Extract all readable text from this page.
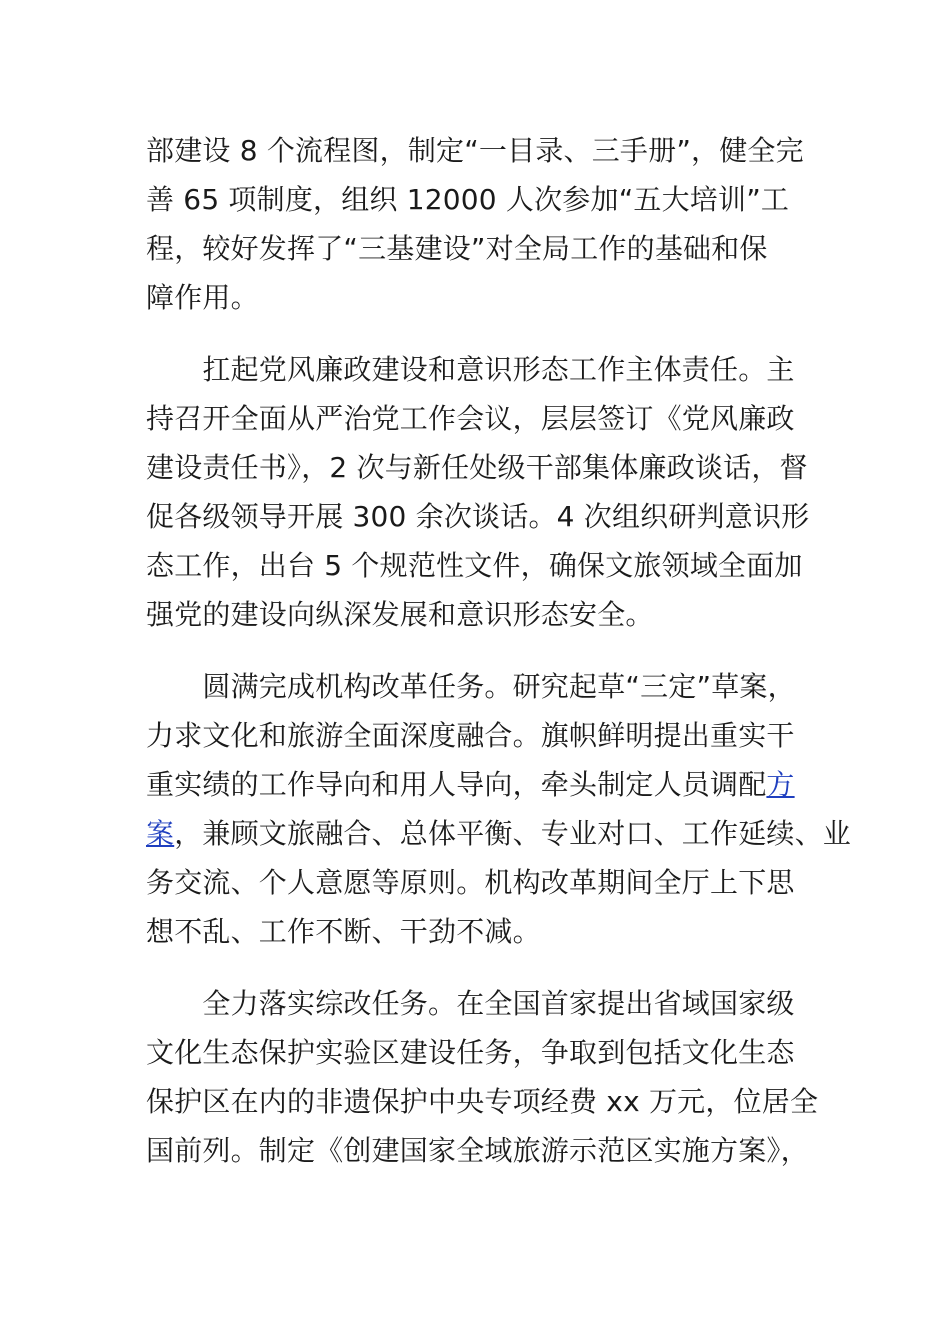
部建设 8 个流程图，制定“一目录、三手册”，健全完
善 65 项制度，组织 12000 人次参加“五大培训”工
程，较好发挥了“三基建设”对全局工作的基础和保
障作用。
　　扛起党风廉政建设和意识形态工作主体责任。主
持召开全面从严治党工作会议，层层签订《党风廉政
建设责任书》，2 次与新任处级干部集体廉政谈话，督
促各级领导开展 300 余次谈话。4 次组织研判意识形
态工作，出台 5 个规范性文件，确保文旅领域全面加
强党的建设向纵深发展和意识形态安全。
　　圆满完成机构改革任务。研究起草“三定”草案，
力求文化和旅游全面深度融合。旗帜鲜明提出重实干
重实绩的工作导向和用人导向，牵头制定人员调配方
案，兼顾文旅融合、总体平衡、专业对口、工作延续、业
务交流、个人意愿等原则。机构改革期间全厅上下思
想不乱、工作不断、干劲不减。
　　全力落实综改任务。在全国首家提出省域国家级
文化生态保护实验区建设任务，争取到包括文化生态
保护区在内的非遗保护中央专项经费 xx 万元，位居全
国前列。制定《创建国家全域旅游示范区实施方案》，
